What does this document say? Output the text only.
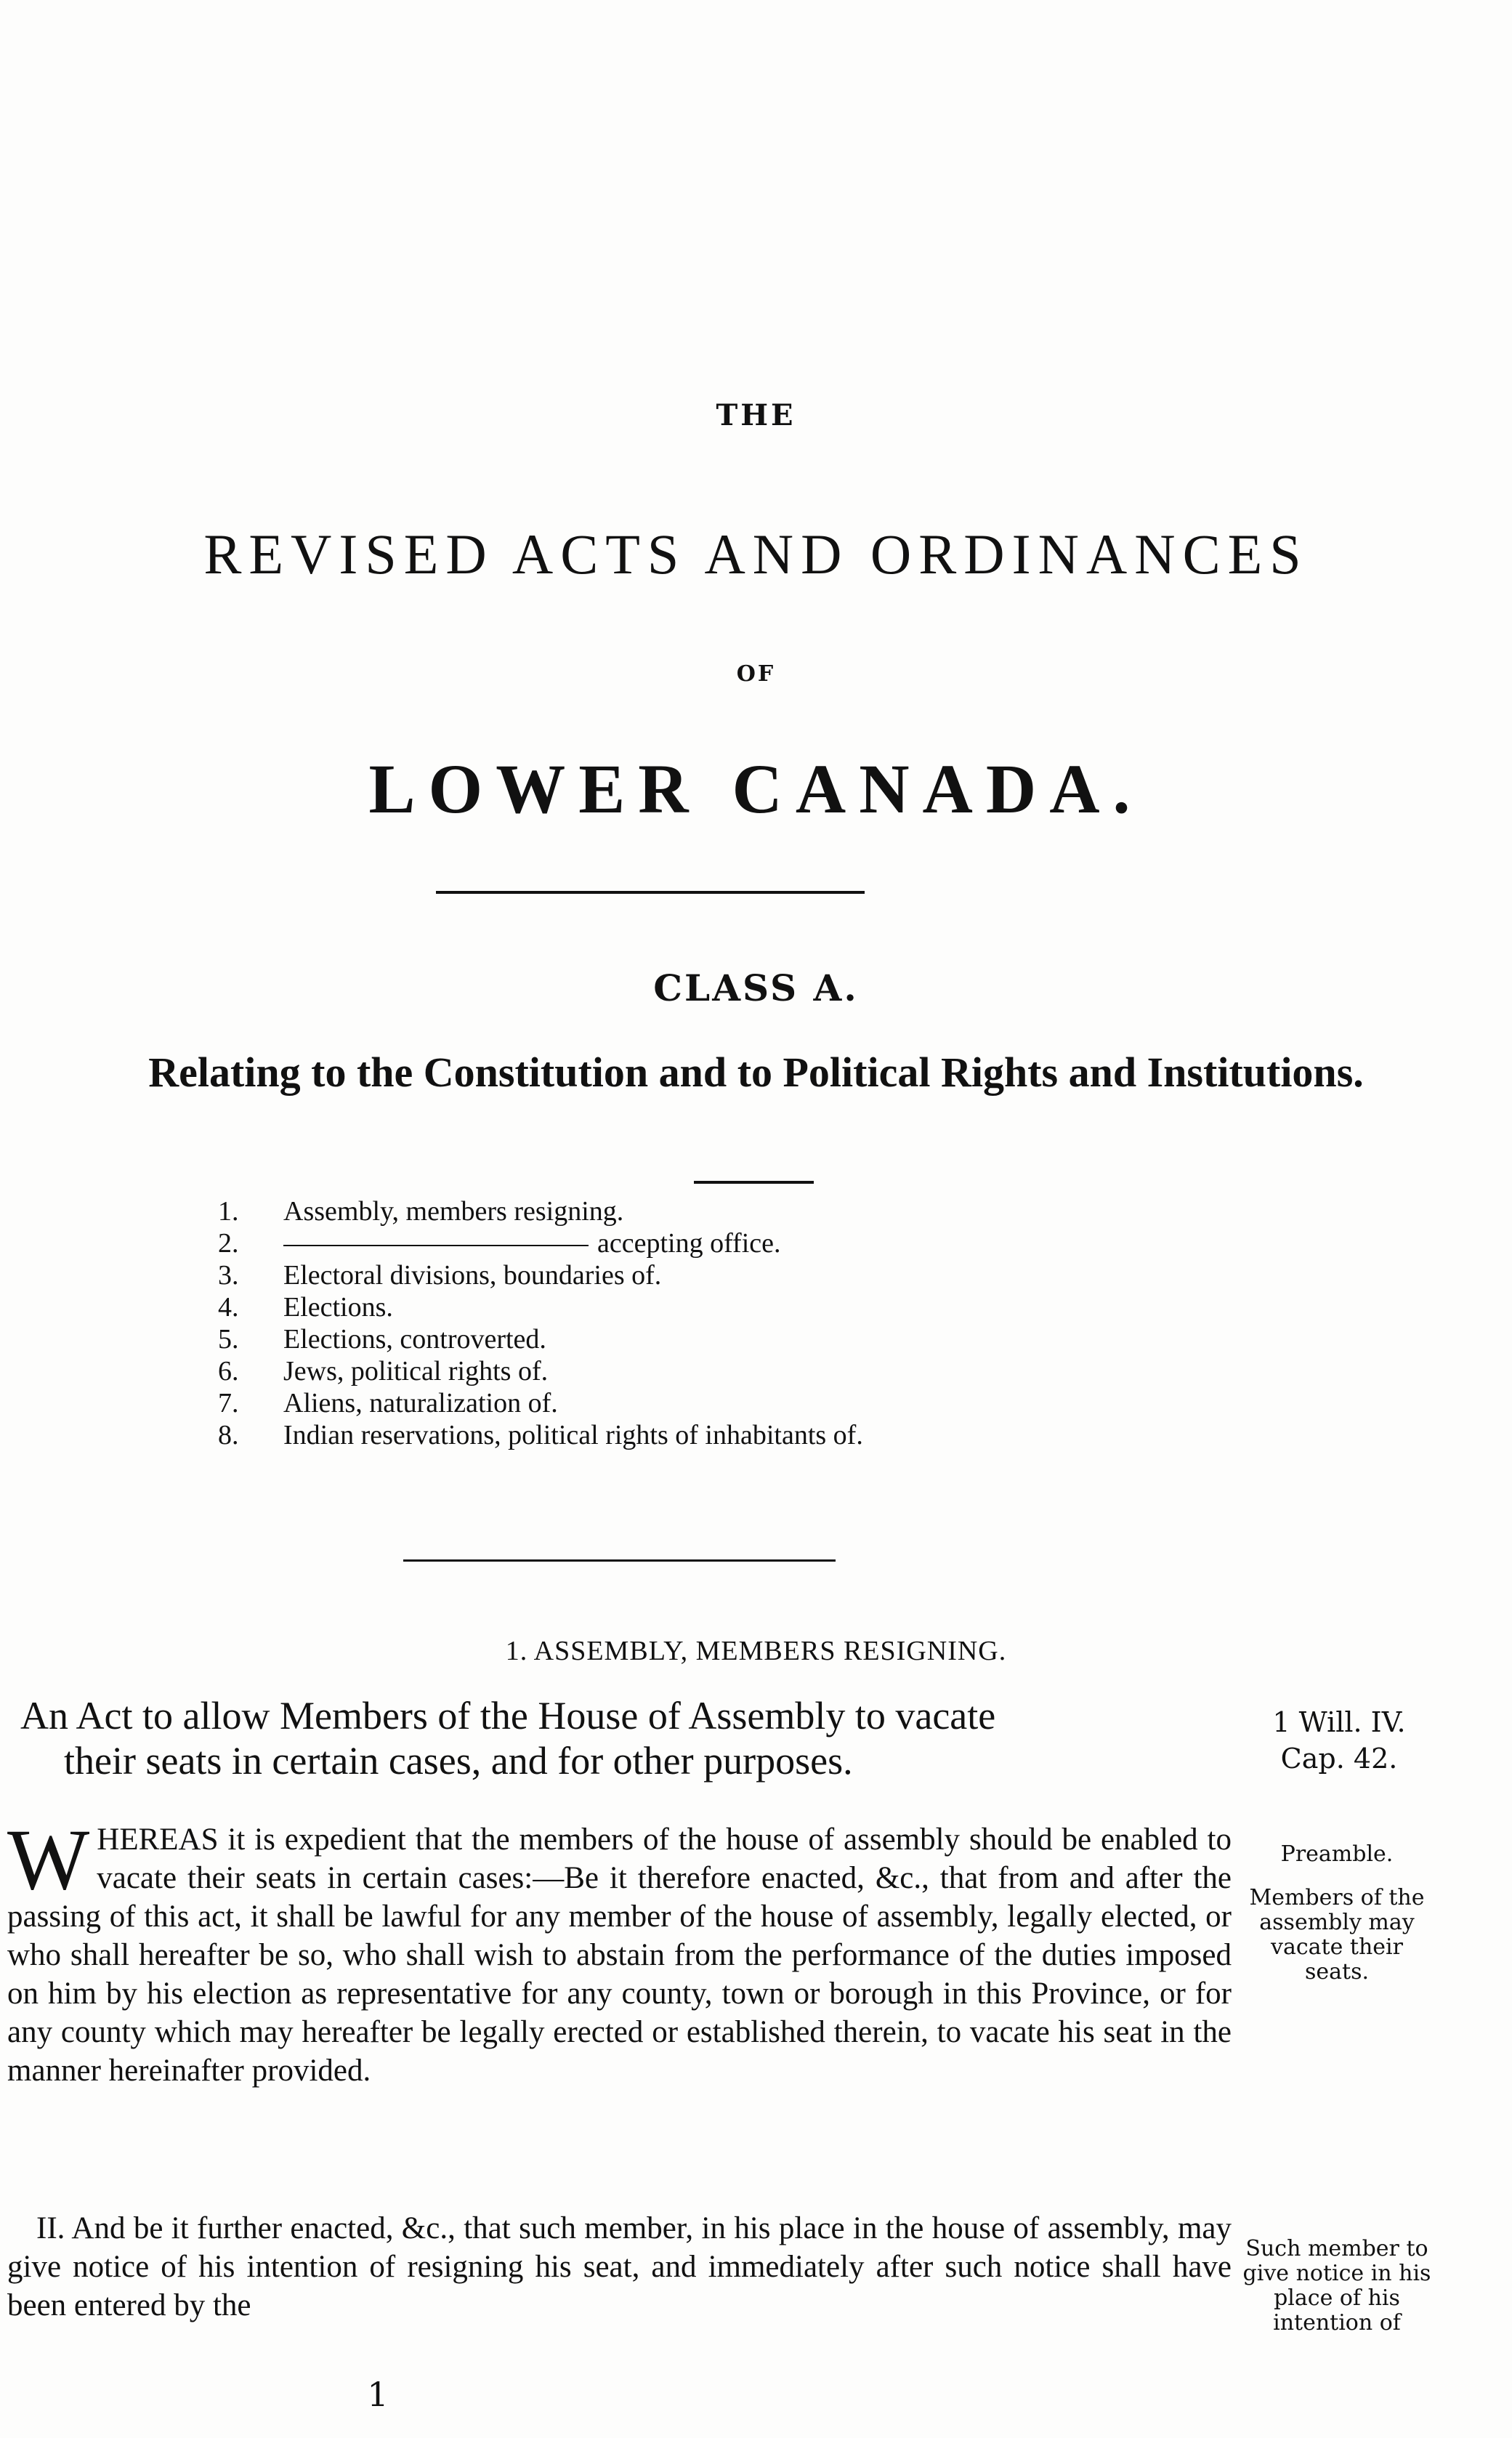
THE
REVISED ACTS AND ORDINANCES
OF
LOWER CANADA.
CLASS A.
Relating to the Constitution and to Political Rights and Institutions.
1.	Assembly, members resigning.
2.	accepting office.
3.	Electoral divisions, boundaries of.
4.	Elections.
5.	Elections, controverted.
6.	Jews, political rights of.
7.	Aliens, naturalization of.
8.	Indian reservations, political rights of inhabitants of.
1. ASSEMBLY, MEMBERS RESIGNING.
An Act to allow Members of the House of Assembly to vacate
their seats in certain cases, and for other purposes.
1 Will. IV.
Cap. 42.
WHEREAS it is expedient that the members of the house of assembly should be enabled to vacate their seats in certain cases:—Be it therefore enacted, &c., that from and after the passing of this act, it shall be lawful for any member of the house of assembly, legally elected, or who shall hereafter be so, who shall wish to abstain from the performance of the duties imposed on him by his election as representative for any county, town or borough in this Province, or for any county which may hereafter be legally erected or established therein, to vacate his seat in the manner hereinafter provided.
II. And be it further enacted, &c., that such member, in his place in the house of assembly, may give notice of his intention of resigning his seat, and immediately after such notice shall have been entered by the
Preamble.
Members of the assembly may vacate their seats.
Such member to give notice in his place of his intention of
1
